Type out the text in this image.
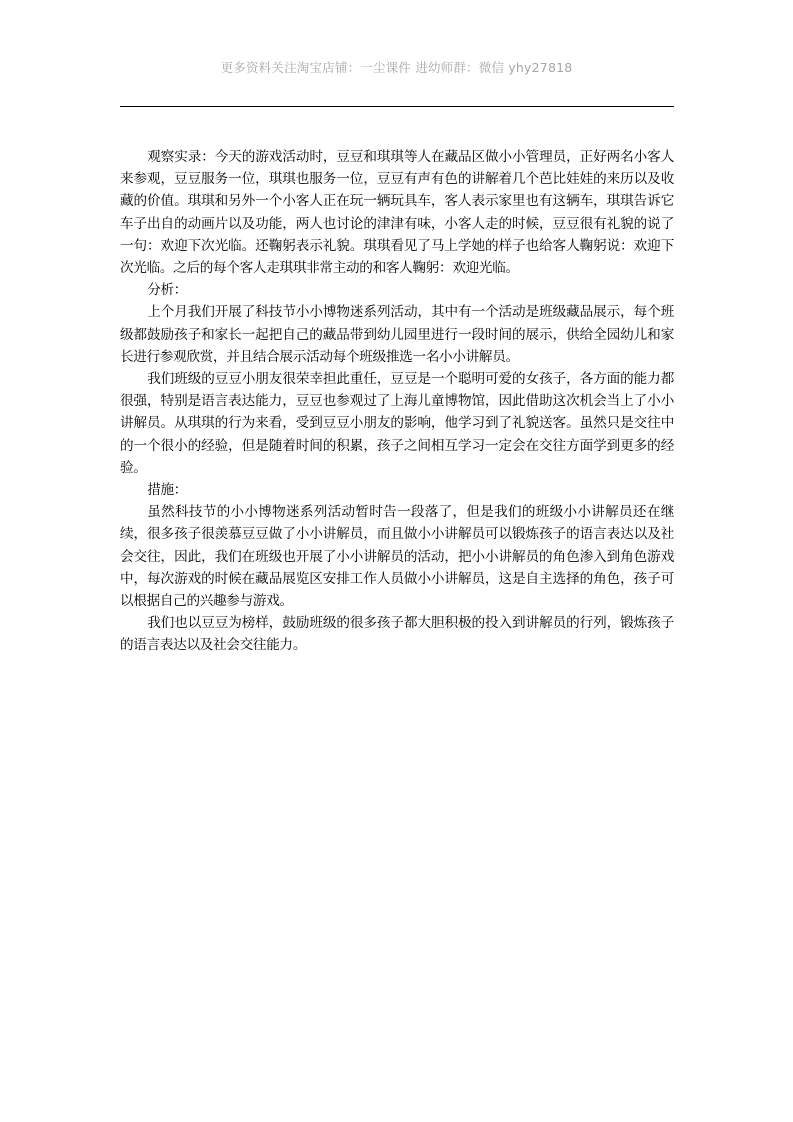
更多资料关注淘宝店铺：一尘课件 进幼师群：微信 yhy27818

观察实录：今天的游戏活动时，豆豆和琪琪等人在藏品区做小小管理员，正好两名小客人来参观，豆豆服务一位，琪琪也服务一位，豆豆有声有色的讲解着几个芭比娃娃的来历以及收藏的价值。琪琪和另外一个小客人正在玩一辆玩具车，客人表示家里也有这辆车，琪琪告诉它车子出自的动画片以及功能，两人也讨论的津津有味，小客人走的时候，豆豆很有礼貌的说了一句：欢迎下次光临。还鞠躬表示礼貌。琪琪看见了马上学她的样子也给客人鞠躬说：欢迎下次光临。之后的每个客人走琪琪非常主动的和客人鞠躬：欢迎光临。

分析：

上个月我们开展了科技节小小博物迷系列活动，其中有一个活动是班级藏品展示，每个班级都鼓励孩子和家长一起把自己的藏品带到幼儿园里进行一段时间的展示，供给全园幼儿和家长进行参观欣赏，并且结合展示活动每个班级推选一名小小讲解员。

我们班级的豆豆小朋友很荣幸担此重任，豆豆是一个聪明可爱的女孩子，各方面的能力都很强，特别是语言表达能力，豆豆也参观过了上海儿童博物馆，因此借助这次机会当上了小小讲解员。从琪琪的行为来看，受到豆豆小朋友的影响，他学习到了礼貌送客。虽然只是交往中的一个很小的经验，但是随着时间的积累，孩子之间相互学习一定会在交往方面学到更多的经验。

措施：

虽然科技节的小小博物迷系列活动暂时告一段落了，但是我们的班级小小讲解员还在继续，很多孩子很羡慕豆豆做了小小讲解员，而且做小小讲解员可以锻炼孩子的语言表达以及社会交往，因此，我们在班级也开展了小小讲解员的活动，把小小讲解员的角色渗入到角色游戏中，每次游戏的时候在藏品展览区安排工作人员做小小讲解员，这是自主选择的角色，孩子可以根据自己的兴趣参与游戏。

我们也以豆豆为榜样，鼓励班级的很多孩子都大胆积极的投入到讲解员的行列，锻炼孩子的语言表达以及社会交往能力。
